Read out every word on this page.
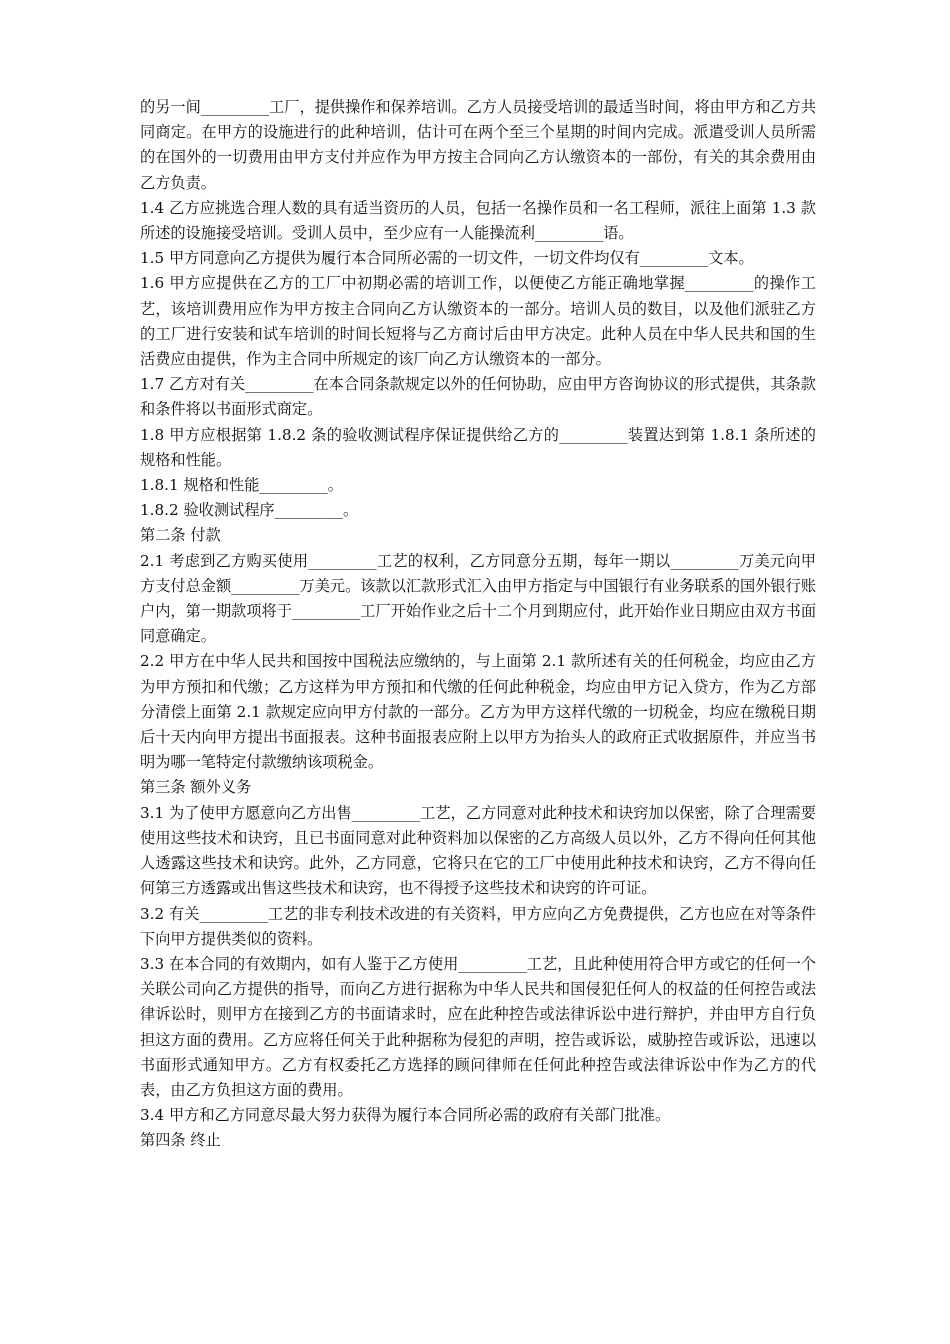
的另一间_________工厂，提供操作和保养培训。乙方人员接受培训的最适当时间，将由甲方和乙方共同商定。在甲方的设施进行的此种培训，估计可在两个至三个星期的时间内完成。派遣受训人员所需的在国外的一切费用由甲方支付并应作为甲方按主合同向乙方认缴资本的一部份，有关的其余费用由乙方负责。

1.4 乙方应挑选合理人数的具有适当资历的人员，包括一名操作员和一名工程师，派往上面第 1.3 款所述的设施接受培训。受训人员中，至少应有一人能操流利_________语。

1.5 甲方同意向乙方提供为履行本合同所必需的一切文件，一切文件均仅有_________文本。

1.6 甲方应提供在乙方的工厂中初期必需的培训工作，以便使乙方能正确地掌握_________的操作工艺，该培训费用应作为甲方按主合同向乙方认缴资本的一部分。培训人员的数目，以及他们派驻乙方的工厂进行安装和试车培训的时间长短将与乙方商讨后由甲方决定。此种人员在中华人民共和国的生活费应由提供，作为主合同中所规定的该厂向乙方认缴资本的一部分。

1.7 乙方对有关_________在本合同条款规定以外的任何协助，应由甲方咨询协议的形式提供，其条款和条件将以书面形式商定。

1.8 甲方应根据第 1.8.2 条的验收测试程序保证提供给乙方的_________装置达到第 1.8.1 条所述的规格和性能。

1.8.1 规格和性能_________。

1.8.2 验收测试程序_________。

第二条 付款

2.1 考虑到乙方购买使用_________工艺的权利，乙方同意分五期，每年一期以_________万美元向甲方支付总金额_________万美元。该款以汇款形式汇入由甲方指定与中国银行有业务联系的国外银行账户内，第一期款项将于_________工厂开始作业之后十二个月到期应付，此开始作业日期应由双方书面同意确定。

2.2 甲方在中华人民共和国按中国税法应缴纳的，与上面第 2.1 款所述有关的任何税金，均应由乙方为甲方预扣和代缴；乙方这样为甲方预扣和代缴的任何此种税金，均应由甲方记入贷方，作为乙方部分清偿上面第 2.1 款规定应向甲方付款的一部分。乙方为甲方这样代缴的一切税金，均应在缴税日期后十天内向甲方提出书面报表。这种书面报表应附上以甲方为抬头人的政府正式收据原件，并应当书明为哪一笔特定付款缴纳该项税金。

第三条 额外义务

3.1 为了使甲方愿意向乙方出售_________工艺，乙方同意对此种技术和诀窍加以保密，除了合理需要使用这些技术和诀窍，且已书面同意对此种资料加以保密的乙方高级人员以外，乙方不得向任何其他人透露这些技术和诀窍。此外，乙方同意，它将只在它的工厂中使用此种技术和诀窍，乙方不得向任何第三方透露或出售这些技术和诀窍，也不得授予这些技术和诀窍的许可证。

3.2 有关_________工艺的非专利技术改进的有关资料，甲方应向乙方免费提供，乙方也应在对等条件下向甲方提供类似的资料。

3.3 在本合同的有效期内，如有人鉴于乙方使用_________工艺，且此种使用符合甲方或它的任何一个关联公司向乙方提供的指导，而向乙方进行据称为中华人民共和国侵犯任何人的权益的任何控告或法律诉讼时，则甲方在接到乙方的书面请求时，应在此种控告或法律诉讼中进行辩护，并由甲方自行负担这方面的费用。乙方应将任何关于此种据称为侵犯的声明，控告或诉讼，威胁控告或诉讼，迅速以书面形式通知甲方。乙方有权委托乙方选择的顾问律师在任何此种控告或法律诉讼中作为乙方的代表，由乙方负担这方面的费用。

3.4 甲方和乙方同意尽最大努力获得为履行本合同所必需的政府有关部门批准。

第四条 终止
